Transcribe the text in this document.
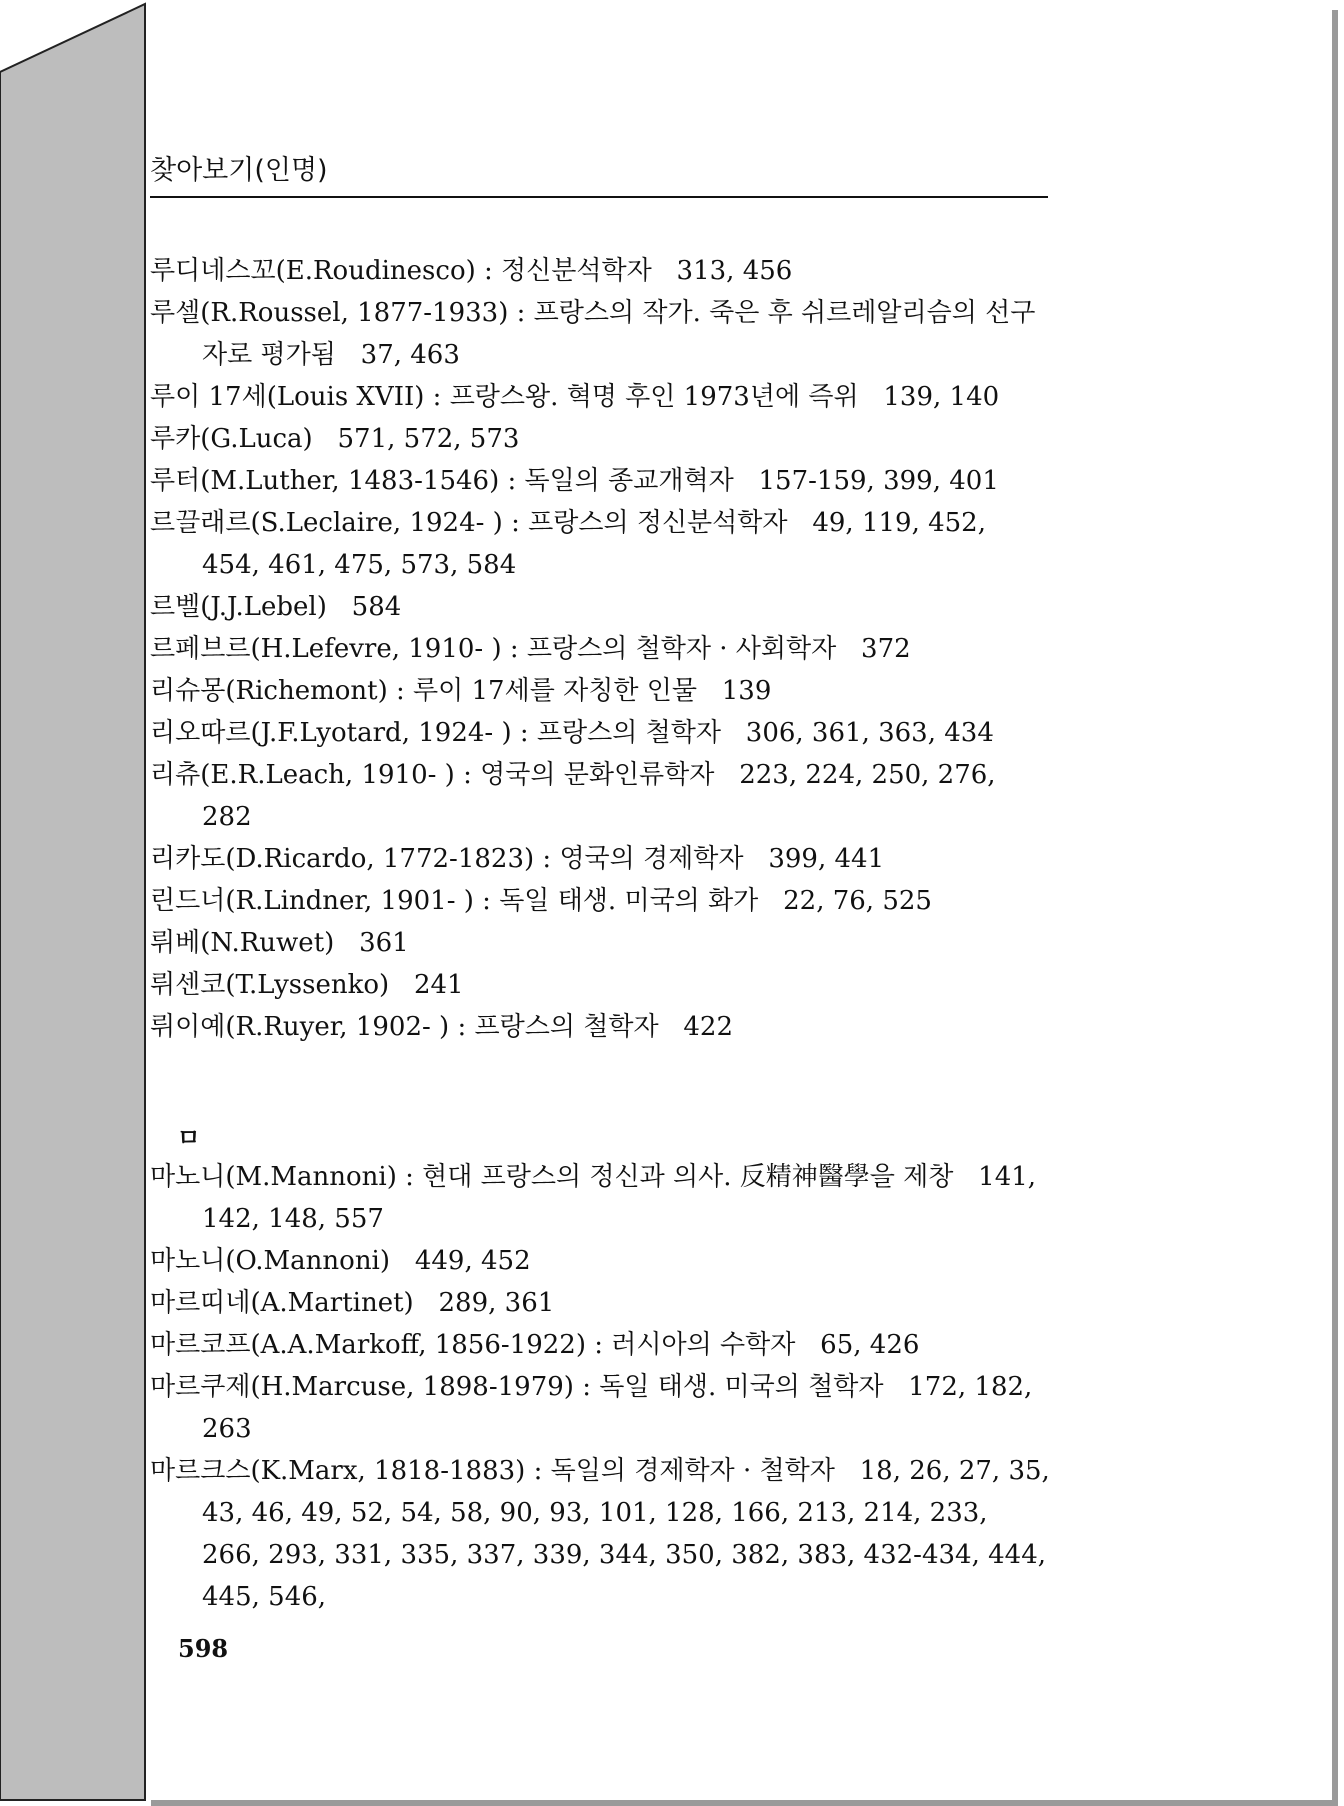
찾아보기(인명)

루디네스꼬(E.Roudinesco) : 정신분석학자 313, 456

루셀(R.Roussel, 1877-1933) : 프랑스의 작가. 죽은 후 쉬르레알리슴의 선구자로 평가됨 37, 463

루이 17세(Louis XVII) : 프랑스왕. 혁명 후인 1973년에 즉위 139, 140

루카(G.Luca) 571, 572, 573

루터(M.Luther, 1483-1546) : 독일의 종교개혁자 157-159, 399, 401

르끌래르(S.Leclaire, 1924- ) : 프랑스의 정신분석학자 49, 119, 452, 454, 461, 475, 573, 584

르벨(J.J.Lebel) 584

르페브르(H.Lefevre, 1910- ) : 프랑스의 철학자 · 사회학자 372

리슈몽(Richemont) : 루이 17세를 자칭한 인물 139

리오따르(J.F.Lyotard, 1924- ) : 프랑스의 철학자 306, 361, 363, 434

리츄(E.R.Leach, 1910- ) : 영국의 문화인류학자 223, 224, 250, 276, 282

리카도(D.Ricardo, 1772-1823) : 영국의 경제학자 399, 441

린드너(R.Lindner, 1901- ) : 독일 태생. 미국의 화가 22, 76, 525

뤼베(N.Ruwet) 361

뤼센코(T.Lyssenko) 241

뤼이예(R.Ruyer, 1902- ) : 프랑스의 철학자 422

ㅁ

마노니(M.Mannoni) : 현대 프랑스의 정신과 의사. 反精神醫學을 제창 141, 142, 148, 557

마노니(O.Mannoni) 449, 452

마르띠네(A.Martinet) 289, 361

마르코프(A.A.Markoff, 1856-1922) : 러시아의 수학자 65, 426

마르쿠제(H.Marcuse, 1898-1979) : 독일 태생. 미국의 철학자 172, 182, 263

마르크스(K.Marx, 1818-1883) : 독일의 경제학자 · 철학자 18, 26, 27, 35, 43, 46, 49, 52, 54, 58, 90, 93, 101, 128, 166, 213, 214, 233, 266, 293, 331, 335, 337, 339, 344, 350, 382, 383, 432-434, 444, 445, 546,

598
